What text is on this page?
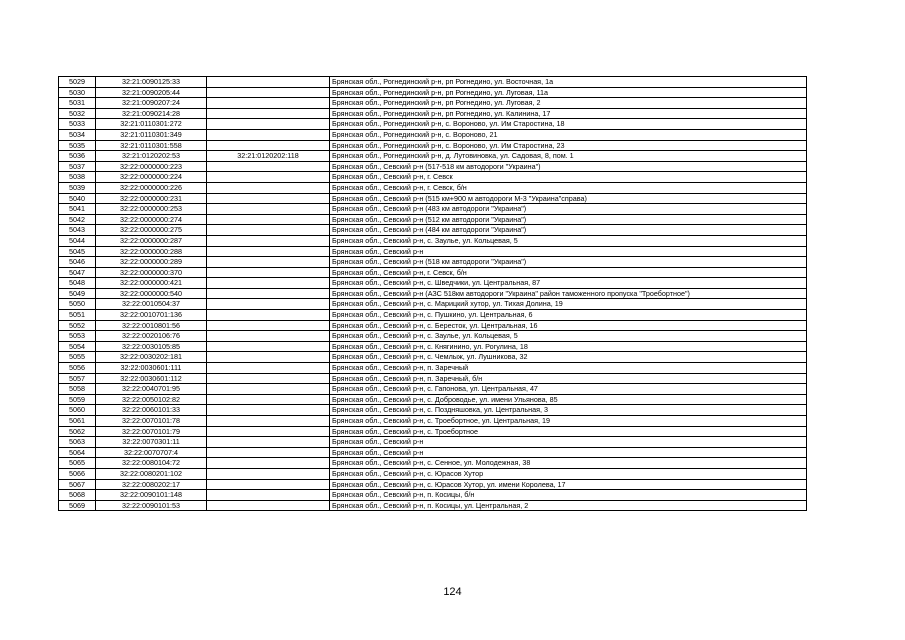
5029	32:21:0090125:33		Брянская обл., Рогнединский р-н, рп Рогнедино, ул. Восточная, 1а
5030	32:21:0090205:44		Брянская обл., Рогнединский р-н, рп Рогнедино, ул. Луговая, 11а
5031	32:21:0090207:24		Брянская обл., Рогнединский р-н, рп Рогнедино, ул. Луговая, 2
5032	32:21:0090214:28		Брянская обл., Рогнединский р-н, рп Рогнедино, ул. Калинина, 17
5033	32:21:0110301:272		Брянская обл., Рогнединский р-н, с. Вороново, ул. Им Старостина, 18
5034	32:21:0110301:349		Брянская обл., Рогнединский р-н, с. Вороново, 21
5035	32:21:0110301:558		Брянская обл., Рогнединский р-н, с. Вороново, ул. Им Старостина, 23
5036	32:21:0120202:53	32:21:0120202:118	Брянская обл., Рогнединский р-н, д. Лутовиновка, ул. Садовая, 8, пом. 1
5037	32:22:0000000:223		Брянская обл., Севский р-н (517-518 км автодороги "Украина")
5038	32:22:0000000:224		Брянская обл., Севский р-н, г. Севск
5039	32:22:0000000:226		Брянская обл., Севский р-н, г. Севск, б/н
5040	32:22:0000000:231		Брянская обл., Севский р-н (515 км+900 м автодороги М-3 "Украина"справа)
5041	32:22:0000000:253		Брянская обл., Севский р-н (483 км автодороги "Украина")
5042	32:22:0000000:274		Брянская обл., Севский р-н (512 км автодороги "Украина")
5043	32:22:0000000:275		Брянская обл., Севский р-н (484 км автодороги "Украина")
5044	32:22:0000000:287		Брянская обл., Севский р-н, с. Заулье, ул. Кольцевая, 5
5045	32:22:0000000:288		Брянская обл., Севский р-н
5046	32:22:0000000:289		Брянская обл., Севский р-н (518 км автодороги "Украина")
5047	32:22:0000000:370		Брянская обл., Севский р-н, г. Севск, б/н
5048	32:22:0000000:421		Брянская обл., Севский р-н, с. Шведчики, ул. Центральная, 87
5049	32:22:0000000:540		Брянская обл., Севский р-н (АЗС 518км автодороги "Украина" район таможенного пропуска "Троебортное")
5050	32:22:0010504:37		Брянская обл., Севский р-н, с. Марицкий хутор, ул. Тихая Долина, 19
5051	32:22:0010701:136		Брянская обл., Севский р-н, с. Пушкино, ул. Центральная, 6
5052	32:22:0010801:56		Брянская обл., Севский р-н, с. Бересток, ул. Центральная, 16
5053	32:22:0020106:76		Брянская обл., Севский р-н, с. Заулье, ул. Кольцевая, 5
5054	32:22:0030105:85		Брянская обл., Севский р-н, с. Княгинино, ул. Рогулина, 18
5055	32:22:0030202:181		Брянская обл., Севский р-н, с. Чемлыж, ул. Лушникова, 32
5056	32:22:0030601:111		Брянская обл., Севский р-н, п. Заречный
5057	32:22:0030601:112		Брянская обл., Севский р-н, п. Заречный, б/н
5058	32:22:0040701:95		Брянская обл., Севский р-н, с. Гапонова, ул. Центральная, 47
5059	32:22:0050102:82		Брянская обл., Севский р-н, с. Доброводье, ул. имени Ульянова, 85
5060	32:22:0060101:33		Брянская обл., Севский р-н, с. Поздняшовка, ул. Центральная, 3
5061	32:22:0070101:78		Брянская обл., Севский р-н, с. Троебортное, ул. Центральная, 19
5062	32:22:0070101:79		Брянская обл., Севский р-н, с. Троебортное
5063	32:22:0070301:11		Брянская обл., Севский р-н
5064	32:22:0070707:4		Брянская обл., Севский р-н
5065	32:22:0080104:72		Брянская обл., Севский р-н, с. Сенное, ул. Молодежная, 38
5066	32:22:0080201:102		Брянская обл., Севский р-н, с. Юрасов Хутор
5067	32:22:0080202:17		Брянская обл., Севский р-н, с. Юрасов Хутор, ул. имени Королева, 17
5068	32:22:0090101:148		Брянская обл., Севский р-н, п. Косицы, б/н
5069	32:22:0090101:53		Брянская обл., Севский р-н, п. Косицы, ул. Центральная, 2
124
